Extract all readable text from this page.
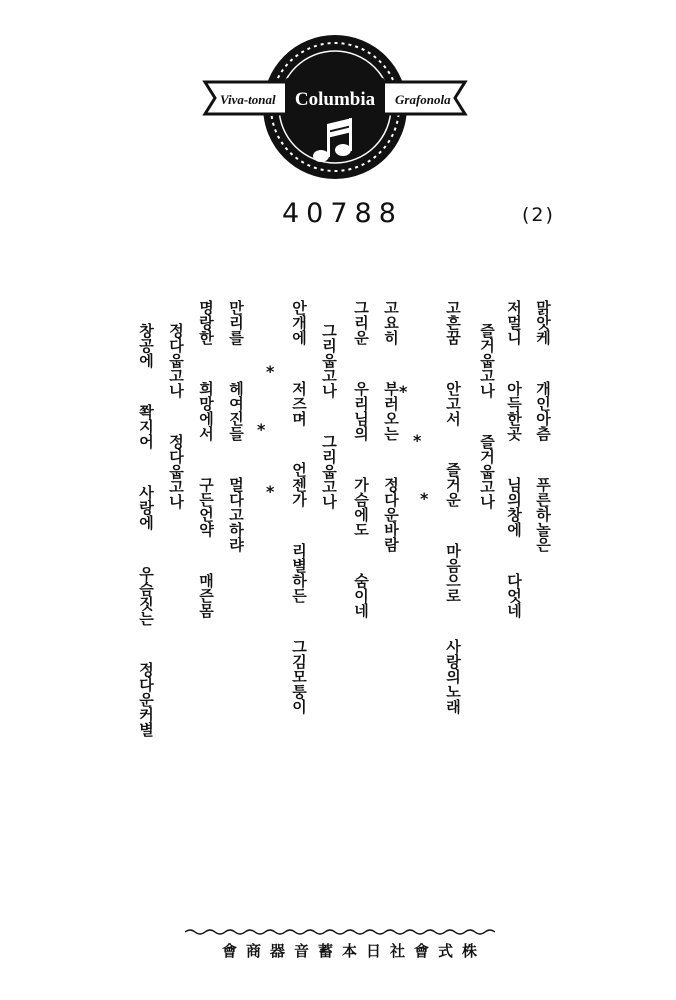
Viva-tonal Columbia Grafonola
40788	(2)
맑앗케  개인아츰  푸른하놀은
저멀니  아득한곳  님의창에  다엇네
즐거웁고나  즐거웁고나
고흔꿈  안고서  즐거운  마음으로  사랑의노래
*
*
*
고요히  부러오는  정다운바람
그리운  우리님의  가슴에도  숨이네
그리웁고나  그리웁고나
안개에  저즈며  언젠가  리별하든  그김모퉁이
*
*
*
만리를  헤여진들  멀다고하랴
명랑한  희망에서  구든언약  매즌몸
정다웁고나  정다웁고나
창공에  쫙지어  사랑에  우슴짓는  정다운커별
會商器音蓄本日社會式株
